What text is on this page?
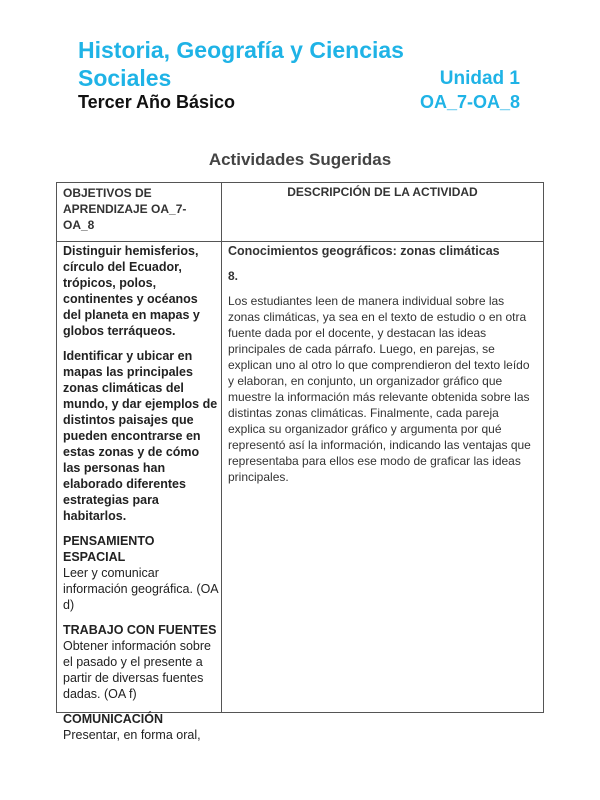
Historia, Geografía y Ciencias
Sociales	Unidad 1
Tercer Año Básico	OA_7-OA_8
Actividades Sugeridas
OBJETIVOS DE APRENDIZAJE OA_7-OA_8
DESCRIPCIÓN DE LA ACTIVIDAD

Distinguir hemisferios, círculo del Ecuador, trópicos, polos, continentes y océanos del planeta en mapas y globos terráqueos.

Identificar y ubicar en mapas las principales zonas climáticas del mundo, y dar ejemplos de distintos paisajes que pueden encontrarse en estas zonas y de cómo las personas han elaborado diferentes estrategias para habitarlos.

PENSAMIENTO ESPACIAL
Leer y comunicar información geográfica. (OA d)

TRABAJO CON FUENTES
Obtener información sobre el pasado y el presente a partir de diversas fuentes dadas. (OA f)

COMUNICACIÓN
Presentar, en forma oral,

Conocimientos geográficos: zonas climáticas

8.

Los estudiantes leen de manera individual sobre las zonas climáticas, ya sea en el texto de estudio o en otra fuente dada por el docente, y destacan las ideas principales de cada párrafo. Luego, en parejas, se explican uno al otro lo que comprendieron del texto leído y elaboran, en conjunto, un organizador gráfico que muestre la información más relevante obtenida sobre las distintas zonas climáticas. Finalmente, cada pareja explica su organizador gráfico y argumenta por qué representó así la información, indicando las ventajas que representaba para ellos ese modo de graficar las ideas principales.
